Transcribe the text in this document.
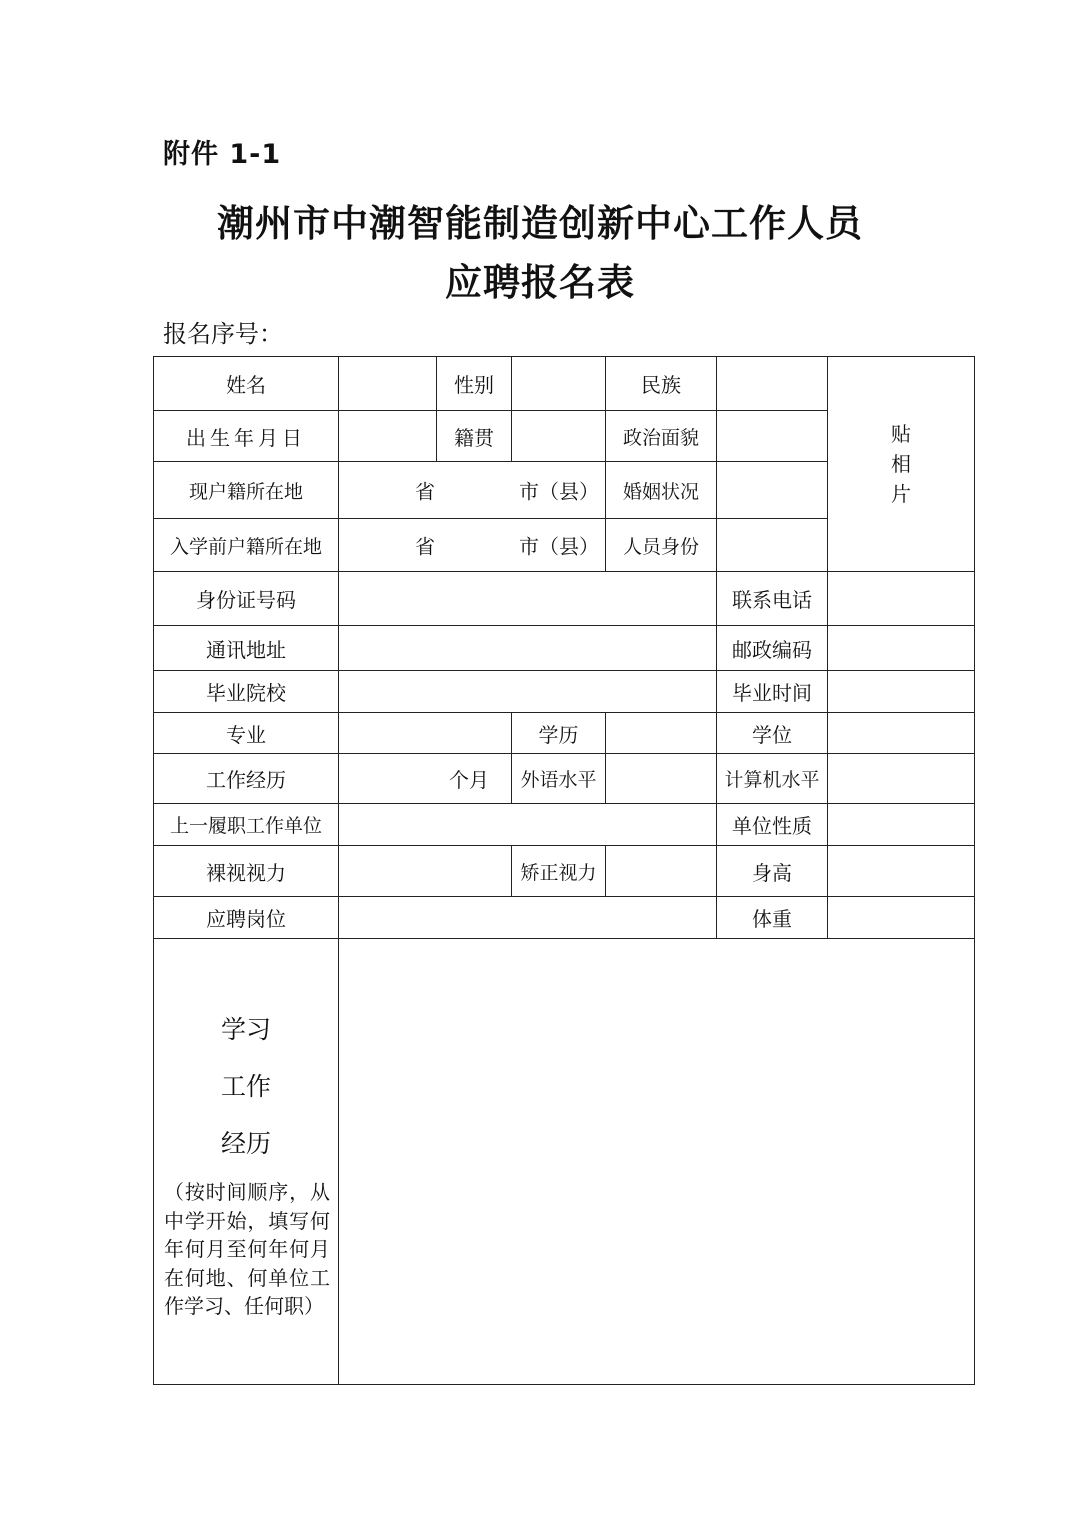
附件 1-1
潮州市中潮智能制造创新中心工作人员
应聘报名表
报名序号：
姓名		性别		民族		贴
相
片

出生年月日		籍贯		政治面貌		
现户籍所在地	省 市（县）			婚姻状况		
入学前户籍所在地	省 市（县）			人员身份		
身份证号码					联系电话	
通讯地址					邮政编码	
毕业院校					毕业时间	
专业			学历		学位	
工作经历	个月		外语水平		计算机水平	
上一履职工作单位					单位性质	
裸视视力			矫正视力		身高	
应聘岗位					体重	

学习
工作
经历
（按时间顺序，从中学开始，填写何年何月至何年何月在何地、何单位工作学习、任何职）						
